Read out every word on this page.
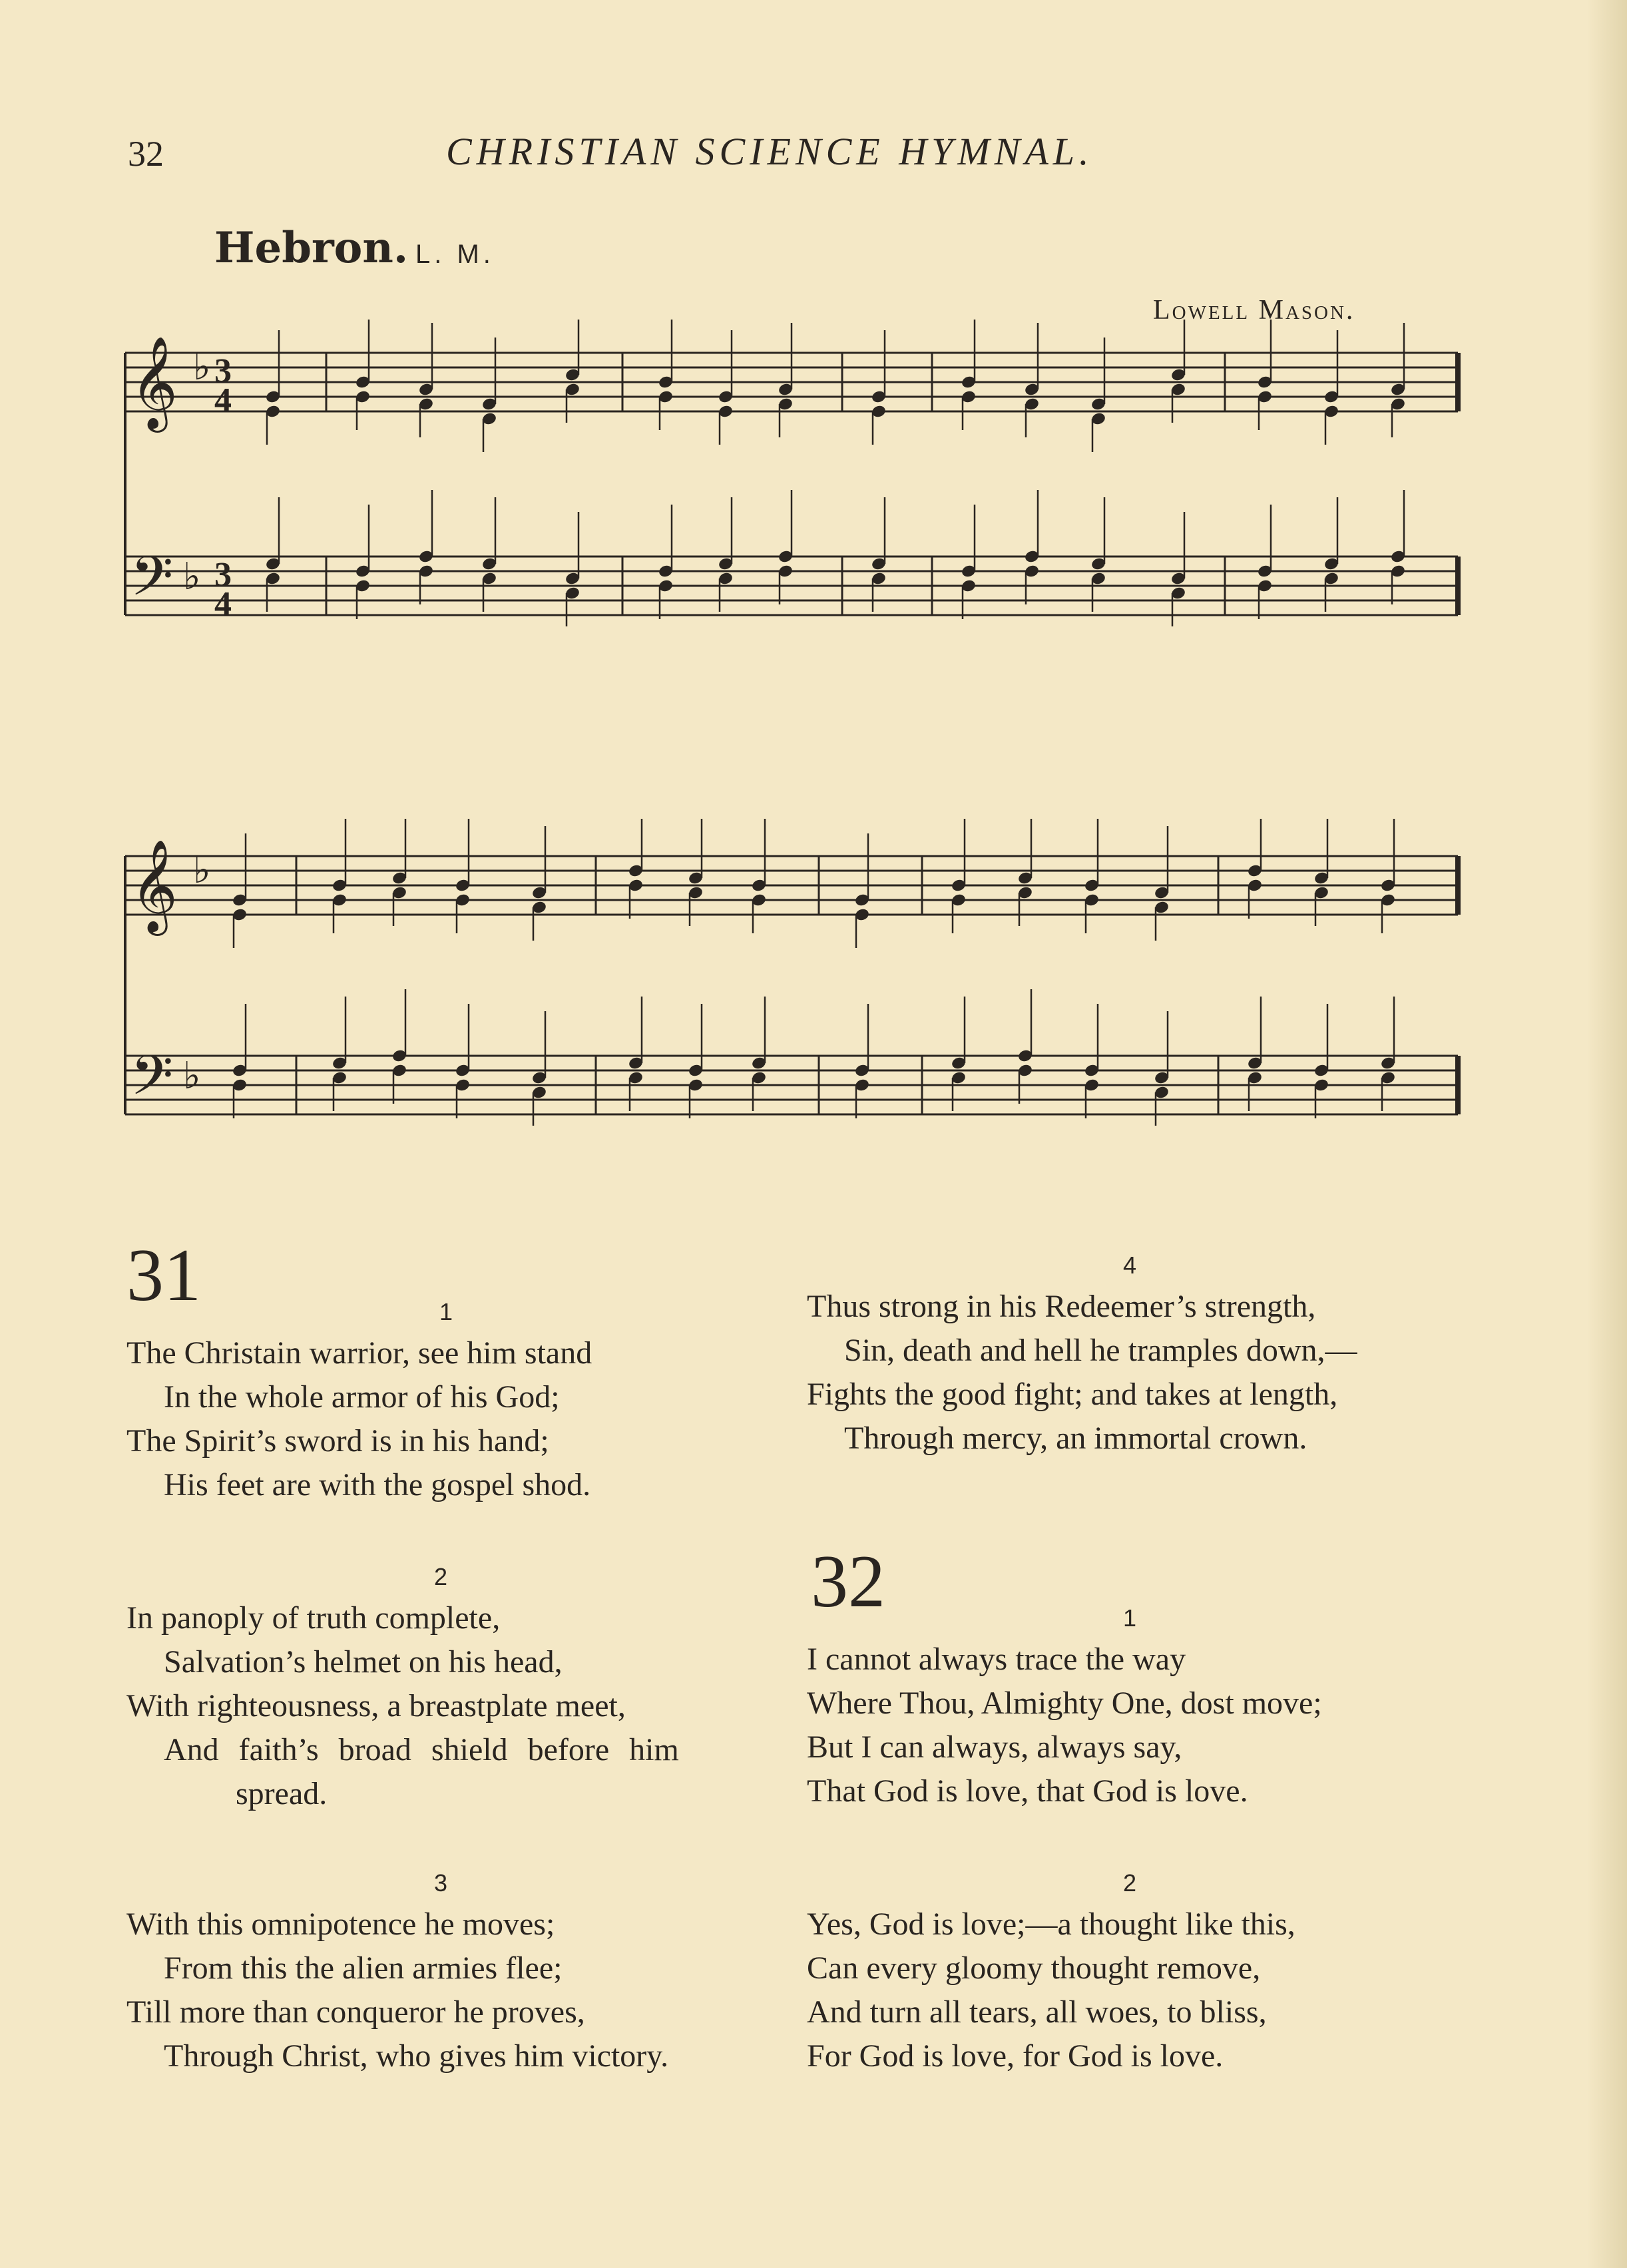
32	CHRISTIAN SCIENCE HYMNAL.
Hebron. L. M.
Lowell Mason.
𝄞
𝄢
♭
♭
3
4
3
4
𝄞
𝄢
♭
♭
31	1
The Christain warrior, see him stand
In the whole armor of his God;
The Spirit’s sword is in his hand;
His feet are with the gospel shod.
2
In panoply of truth complete,
Salvation’s helmet on his head,
With righteousness, a breastplate meet,
And faith’s broad shield before him
spread.
3
With this omnipotence he moves;
From this the alien armies flee;
Till more than conqueror he proves,
Through Christ, who gives him victory.
4
Thus strong in his Redeemer’s strength,
Sin, death and hell he tramples down,—
Fights the good fight; and takes at length,
Through mercy, an immortal crown.
32	1
I cannot always trace the way
Where Thou, Almighty One, dost move;
But I can always, always say,
That God is love, that God is love.
2
Yes, God is love;—a thought like this,
Can every gloomy thought remove,
And turn all tears, all woes, to bliss,
For God is love, for God is love.
